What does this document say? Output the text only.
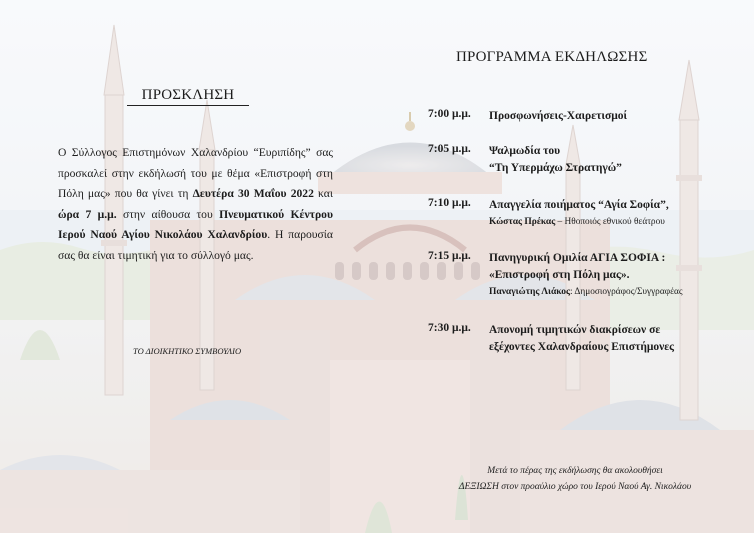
ΠΡΟΣΚΛΗΣΗ
Ο Σύλλογος Επιστημόνων Χαλανδρίου “Ευριπίδης” σας προσκαλεί στην εκδήλωσή του με θέμα «Επιστροφή στη Πόλη μας» που θα γίνει τη Δευτέρα 30 Μαΐου 2022 και ώρα 7 μ.μ. στην αίθουσα του Πνευματικού Κέντρου Ιερού Ναού Αγίου Νικολάου Χαλανδρίου. Η παρουσία σας θα είναι τιμητική για το σύλλογό μας.
ΤΟ ΔΙΟΙΚΗΤΙΚΟ ΣΥΜΒΟΥΛΙΟ
ΠΡΟΓΡΑΜΜΑ ΕΚΔΗΛΩΣΗΣ
7:00 μ.μ. Προσφωνήσεις-Χαιρετισμοί
7:05 μ.μ. Ψαλμωδία του
“Τη Υπερμάχω Στρατηγώ”
7:10 μ.μ. Απαγγελία ποιήματος “Αγία Σοφία”,
Κώστας Πρέκας – Ηθοποιός εθνικού θεάτρου
7:15 μ.μ. Πανηγυρική Ομιλία ΑΓΙΑ ΣΟΦΙΑ :
«Επιστροφή στη Πόλη μας».
Παναγιώτης Λιάκος: Δημοσιογράφος/Συγγραφέας
7:30 μ.μ. Απονομή τιμητικών διακρίσεων σε
εξέχοντες Χαλανδραίους Επιστήμονες
Μετά το πέρας της εκδήλωσης θα ακολουθήσει
ΔΕΞΙΩΣΗ στον προαύλιο χώρο του Ιερού Ναού Αγ. Νικολάου
